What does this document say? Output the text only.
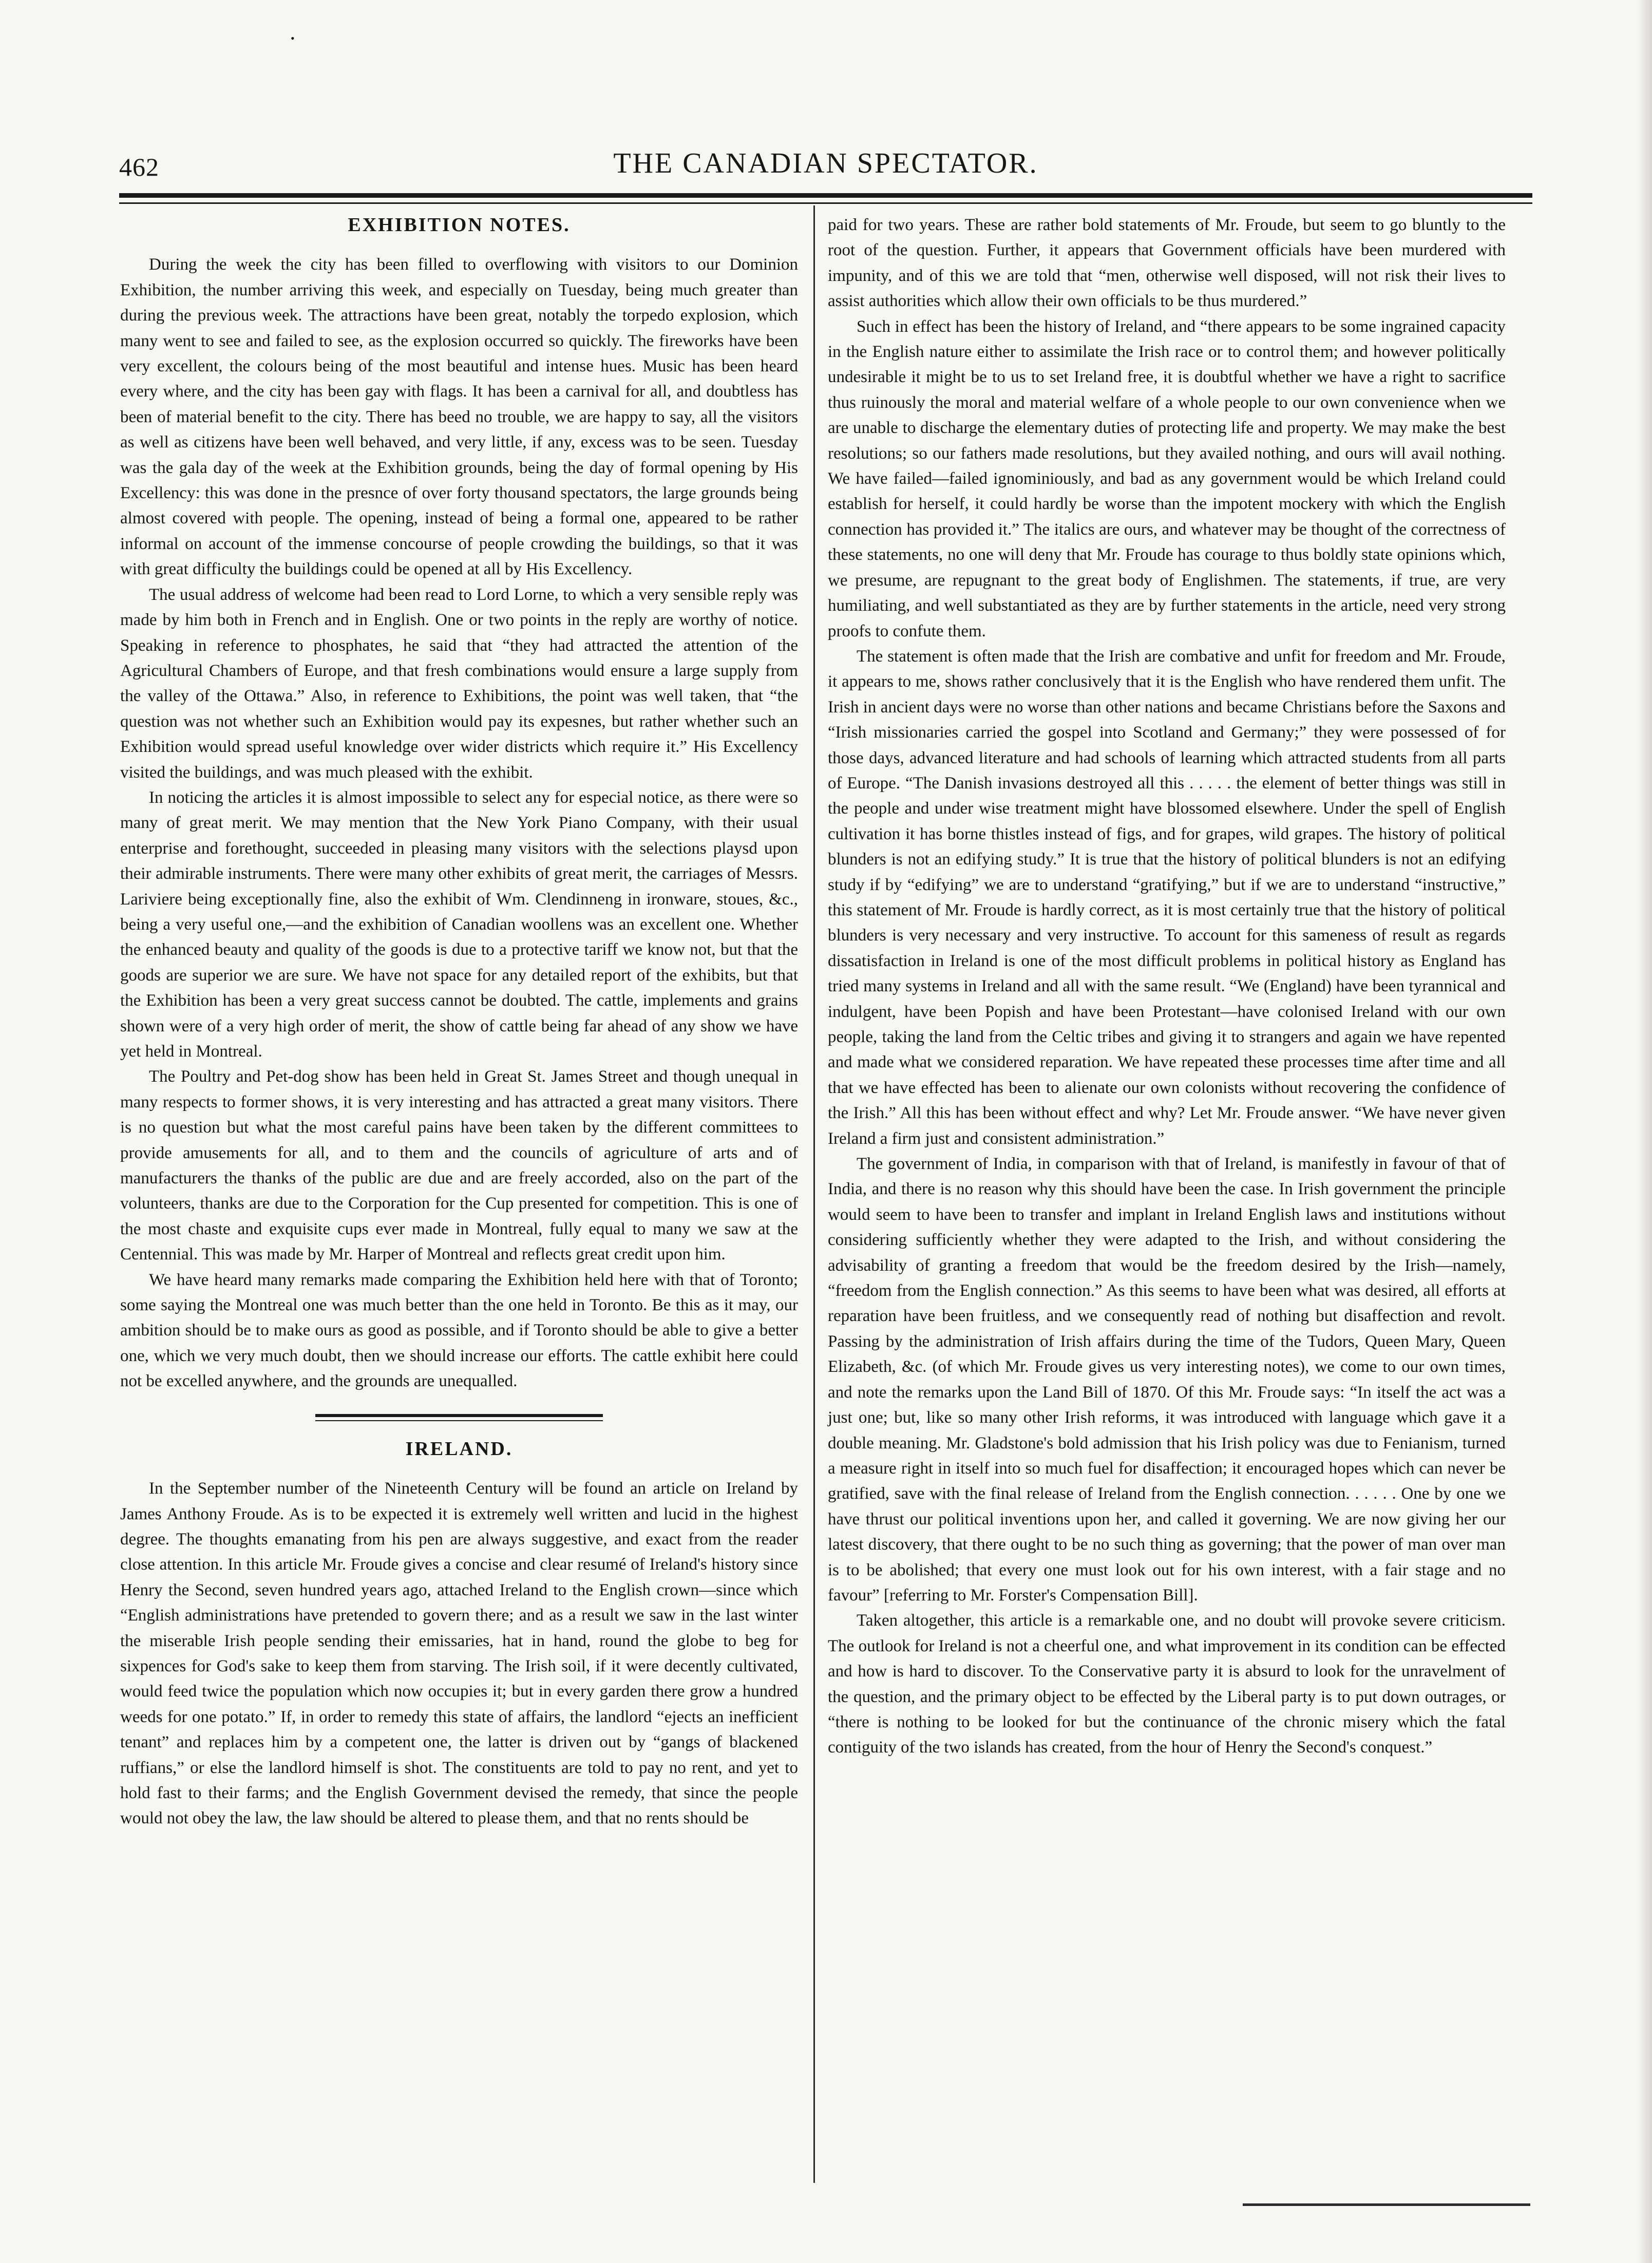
•
462	THE CANADIAN SPECTATOR.
EXHIBITION NOTES.

During the week the city has been filled to overflowing with visitors to our Dominion Exhibition, the number arriving this week, and especially on Tuesday, being much greater than during the previous week. The attractions have been great, notably the torpedo explosion, which many went to see and failed to see, as the explosion occurred so quickly. The fireworks have been very excellent, the colours being of the most beautiful and intense hues. Music has been heard every where, and the city has been gay with flags. It has been a carnival for all, and doubtless has been of material benefit to the city. There has beed no trouble, we are happy to say, all the visitors as well as citizens have been well behaved, and very little, if any, excess was to be seen. Tuesday was the gala day of the week at the Exhibition grounds, being the day of formal opening by His Excellency: this was done in the presnce of over forty thousand spectators, the large grounds being almost covered with people. The opening, instead of being a formal one, appeared to be rather informal on account of the immense concourse of people crowding the buildings, so that it was with great difficulty the buildings could be opened at all by His Excellency.

The usual address of welcome had been read to Lord Lorne, to which a very sensible reply was made by him both in French and in English. One or two points in the reply are worthy of notice. Speaking in reference to phosphates, he said that “they had attracted the attention of the Agricultural Chambers of Europe, and that fresh combinations would ensure a large supply from the valley of the Ottawa.” Also, in reference to Exhibitions, the point was well taken, that “the question was not whether such an Exhibition would pay its expesnes, but rather whether such an Exhibition would spread useful knowledge over wider districts which require it.” His Excellency visited the buildings, and was much pleased with the exhibit.

In noticing the articles it is almost impossible to select any for especial notice, as there were so many of great merit. We may mention that the New York Piano Company, with their usual enterprise and forethought, succeeded in pleasing many visitors with the selections playsd upon their admirable instruments. There were many other exhibits of great merit, the carriages of Messrs. Lariviere being exceptionally fine, also the exhibit of Wm. Clendinneng in ironware, stoues, &c., being a very useful one,—and the exhibition of Canadian woollens was an excellent one. Whether the enhanced beauty and quality of the goods is due to a protective tariff we know not, but that the goods are superior we are sure. We have not space for any detailed report of the exhibits, but that the Exhibition has been a very great success cannot be doubted. The cattle, implements and grains shown were of a very high order of merit, the show of cattle being far ahead of any show we have yet held in Montreal.

The Poultry and Pet-dog show has been held in Great St. James Street and though unequal in many respects to former shows, it is very interesting and has attracted a great many visitors. There is no question but what the most careful pains have been taken by the different committees to provide amusements for all, and to them and the councils of agriculture of arts and of manufacturers the thanks of the public are due and are freely accorded, also on the part of the volunteers, thanks are due to the Corporation for the Cup presented for competition. This is one of the most chaste and exquisite cups ever made in Montreal, fully equal to many we saw at the Centennial. This was made by Mr. Harper of Montreal and reflects great credit upon him.

We have heard many remarks made comparing the Exhibition held here with that of Toronto; some saying the Montreal one was much better than the one held in Toronto. Be this as it may, our ambition should be to make ours as good as possible, and if Toronto should be able to give a better one, which we very much doubt, then we should increase our efforts. The cattle exhibit here could not be excelled anywhere, and the grounds are unequalled.

IRELAND.

In the September number of the Nineteenth Century will be found an article on Ireland by James Anthony Froude. As is to be expected it is extremely well written and lucid in the highest degree. The thoughts emanating from his pen are always suggestive, and exact from the reader close attention. In this article Mr. Froude gives a concise and clear resumé of Ireland's history since Henry the Second, seven hundred years ago, attached Ireland to the English crown—since which “English administrations have pretended to govern there; and as a result we saw in the last winter the miserable Irish people sending their emissaries, hat in hand, round the globe to beg for sixpences for God's sake to keep them from starving. The Irish soil, if it were decently cultivated, would feed twice the population which now occupies it; but in every garden there grow a hundred weeds for one potato.” If, in order to remedy this state of affairs, the landlord “ejects an inefficient tenant” and replaces him by a competent one, the latter is driven out by “gangs of blackened ruffians,” or else the landlord himself is shot. The constituents are told to pay no rent, and yet to hold fast to their farms; and the English Government devised the remedy, that since the people would not obey the law, the law should be altered to please them, and that no rents should be

paid for two years. These are rather bold statements of Mr. Froude, but seem to go bluntly to the root of the question. Further, it appears that Government officials have been murdered with impunity, and of this we are told that “men, otherwise well disposed, will not risk their lives to assist authorities which allow their own officials to be thus murdered.”

Such in effect has been the history of Ireland, and “there appears to be some ingrained capacity in the English nature either to assimilate the Irish race or to control them; and however politically undesirable it might be to us to set Ireland free, it is doubtful whether we have a right to sacrifice thus ruinously the moral and material welfare of a whole people to our own convenience when we are unable to discharge the elementary duties of protecting life and property. We may make the best resolutions; so our fathers made resolutions, but they availed nothing, and ours will avail nothing. We have failed—failed ignominiously, and bad as any government would be which Ireland could establish for herself, it could hardly be worse than the impotent mockery with which the English connection has provided it.” The italics are ours, and whatever may be thought of the correctness of these statements, no one will deny that Mr. Froude has courage to thus boldly state opinions which, we presume, are repugnant to the great body of Englishmen. The statements, if true, are very humiliating, and well substantiated as they are by further statements in the article, need very strong proofs to confute them.

The statement is often made that the Irish are combative and unfit for freedom and Mr. Froude, it appears to me, shows rather conclusively that it is the English who have rendered them unfit. The Irish in ancient days were no worse than other nations and became Christians before the Saxons and “Irish missionaries carried the gospel into Scotland and Germany;” they were possessed of for those days, advanced literature and had schools of learning which attracted students from all parts of Europe. “The Danish invasions destroyed all this . . . . . the element of better things was still in the people and under wise treatment might have blossomed elsewhere. Under the spell of English cultivation it has borne thistles instead of figs, and for grapes, wild grapes. The history of political blunders is not an edifying study.” It is true that the history of political blunders is not an edifying study if by “edifying” we are to understand “gratifying,” but if we are to understand “instructive,” this statement of Mr. Froude is hardly correct, as it is most certainly true that the history of political blunders is very necessary and very instructive. To account for this sameness of result as regards dissatisfaction in Ireland is one of the most difficult problems in political history as England has tried many systems in Ireland and all with the same result. “We (England) have been tyrannical and indulgent, have been Popish and have been Protestant—have colonised Ireland with our own people, taking the land from the Celtic tribes and giving it to strangers and again we have repented and made what we considered reparation. We have repeated these processes time after time and all that we have effected has been to alienate our own colonists without recovering the confidence of the Irish.” All this has been without effect and why? Let Mr. Froude answer. “We have never given Ireland a firm just and consistent administration.”

The government of India, in comparison with that of Ireland, is manifestly in favour of that of India, and there is no reason why this should have been the case. In Irish government the principle would seem to have been to transfer and implant in Ireland English laws and institutions without considering sufficiently whether they were adapted to the Irish, and without considering the advisability of granting a freedom that would be the freedom desired by the Irish—namely, “freedom from the English connection.” As this seems to have been what was desired, all efforts at reparation have been fruitless, and we consequently read of nothing but disaffection and revolt. Passing by the administration of Irish affairs during the time of the Tudors, Queen Mary, Queen Elizabeth, &c. (of which Mr. Froude gives us very interesting notes), we come to our own times, and note the remarks upon the Land Bill of 1870. Of this Mr. Froude says: “In itself the act was a just one; but, like so many other Irish reforms, it was introduced with language which gave it a double meaning. Mr. Gladstone's bold admission that his Irish policy was due to Fenianism, turned a measure right in itself into so much fuel for disaffection; it encouraged hopes which can never be gratified, save with the final release of Ireland from the English connection. . . . . . One by one we have thrust our political inventions upon her, and called it governing. We are now giving her our latest discovery, that there ought to be no such thing as governing; that the power of man over man is to be abolished; that every one must look out for his own interest, with a fair stage and no favour” [referring to Mr. Forster's Compensation Bill].

Taken altogether, this article is a remarkable one, and no doubt will provoke severe criticism. The outlook for Ireland is not a cheerful one, and what improvement in its condition can be effected and how is hard to discover. To the Conservative party it is absurd to look for the unravelment of the question, and the primary object to be effected by the Liberal party is to put down outrages, or “there is nothing to be looked for but the continuance of the chronic misery which the fatal contiguity of the two islands has created, from the hour of Henry the Second's conquest.”
